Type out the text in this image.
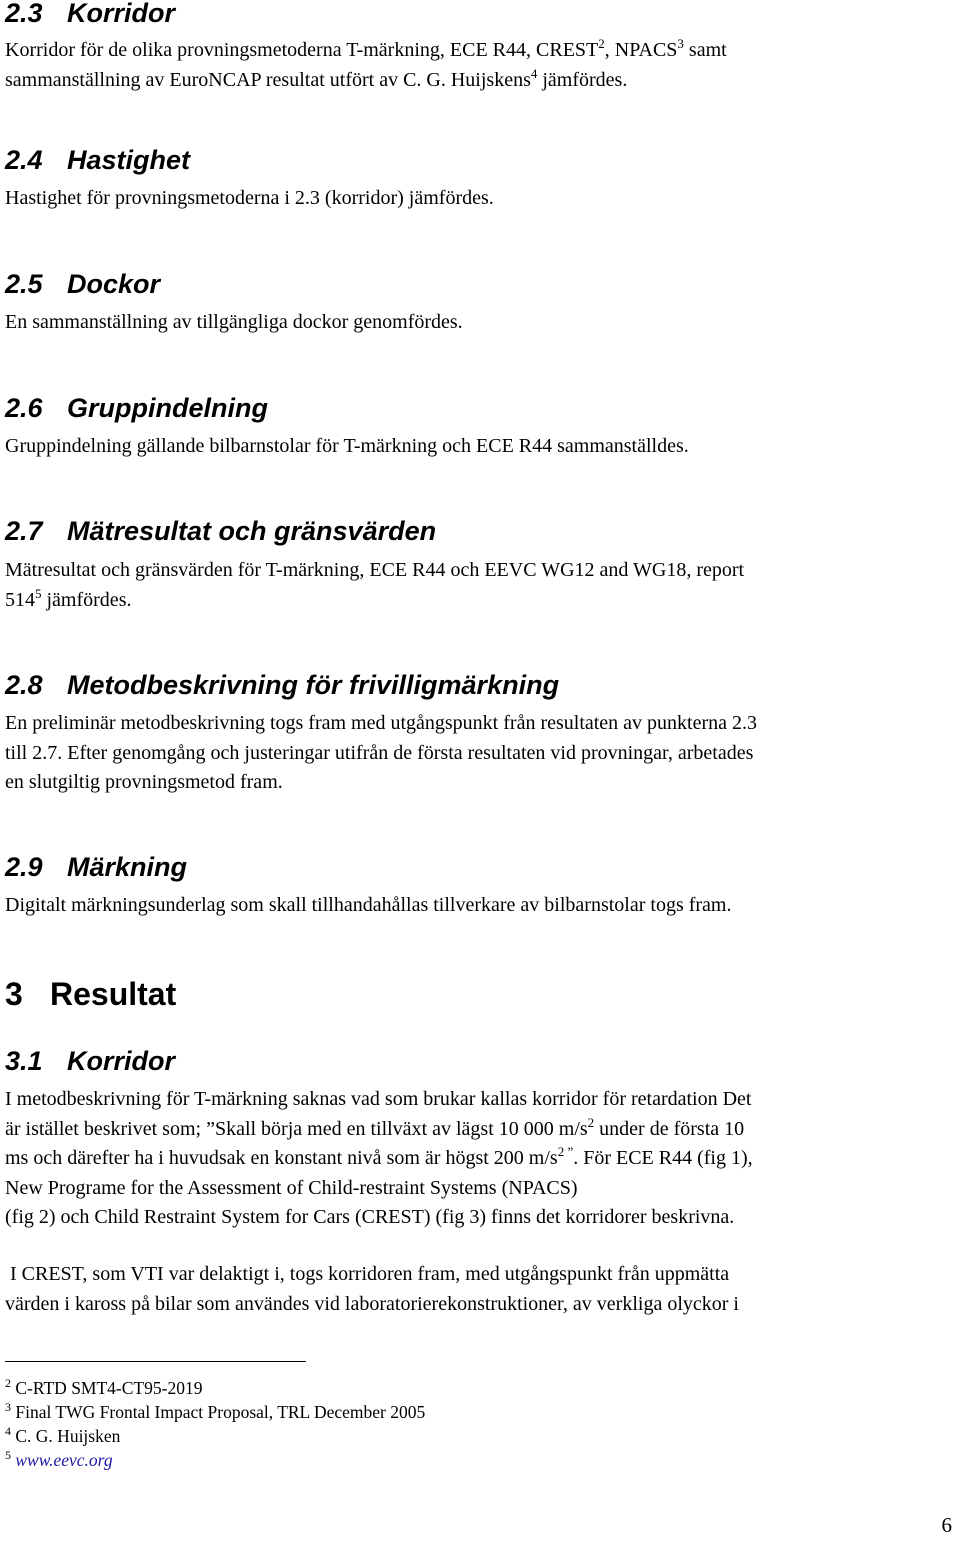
2.3 Korridor

Korridor för de olika provningsmetoderna T-märkning, ECE R44, CREST$^2$, NPACS$^3$ samt

sammanställning av EuroNCAP resultat utfört av C. G. Huijskens$^4$ jämfördes.

2.4 Hastighet

Hastighet för provningsmetoderna i 2.3 (korridor) jämfördes.

2.5 Dockor

En sammanställning av tillgängliga dockor genomfördes.

2.6 Gruppindelning

Gruppindelning gällande bilbarnstolar för T-märkning och ECE R44 sammanställdes.

2.7 Mätresultat och gränsvärden

Mätresultat och gränsvärden för T-märkning, ECE R44 och EEVC WG12 and WG18, report

$514^5$ jämfördes.

2.8 Metodbeskrivning för frivilligmärkning

En preliminär metodbeskrivning togs fram med utgångspunkt från resultaten av punkterna 2.3

till 2.7. Efter genomgång och justeringar utifrån de första resultaten vid provningar, arbetades

en slutgiltig provningsmetod fram.

2.9 Märkning

Digitalt märkningsunderlag som skall tillhandahållas tillverkare av bilbarnstolar togs fram.

3 Resultat
3.1 Korridor

I metodbeskrivning för T-märkning saknas vad som brukar kallas korridor för retardation Det

är istället beskrivet som; ”Skall börja med en tillväxt av lägst 10 000 $m/s^2$ under de första 10

ms och därefter ha i huvudsak en konstant nivå som är högst 200 $m/s^{2 ”}$. För ECE R44 (fig 1),

New Programe for the Assessment of Child-restraint Systems (NPACS)

(fig 2) och Child Restraint System for Cars (CREST) (fig 3) finns det korridorer beskrivna.

I CREST, som VTI var delaktigt i, togs korridoren fram, med utgångspunkt från uppmätta

värden i kaross på bilar som användes vid laboratorierekonstruktioner, av verkliga olyckor i

$^2$ C-RTD SMT4-CT95-2019

$^3$ Final TWG Frontal Impact Proposal, TRL December 2005

$^4$ C. G. Huijsken

$^5$ www.eevc.org

6
